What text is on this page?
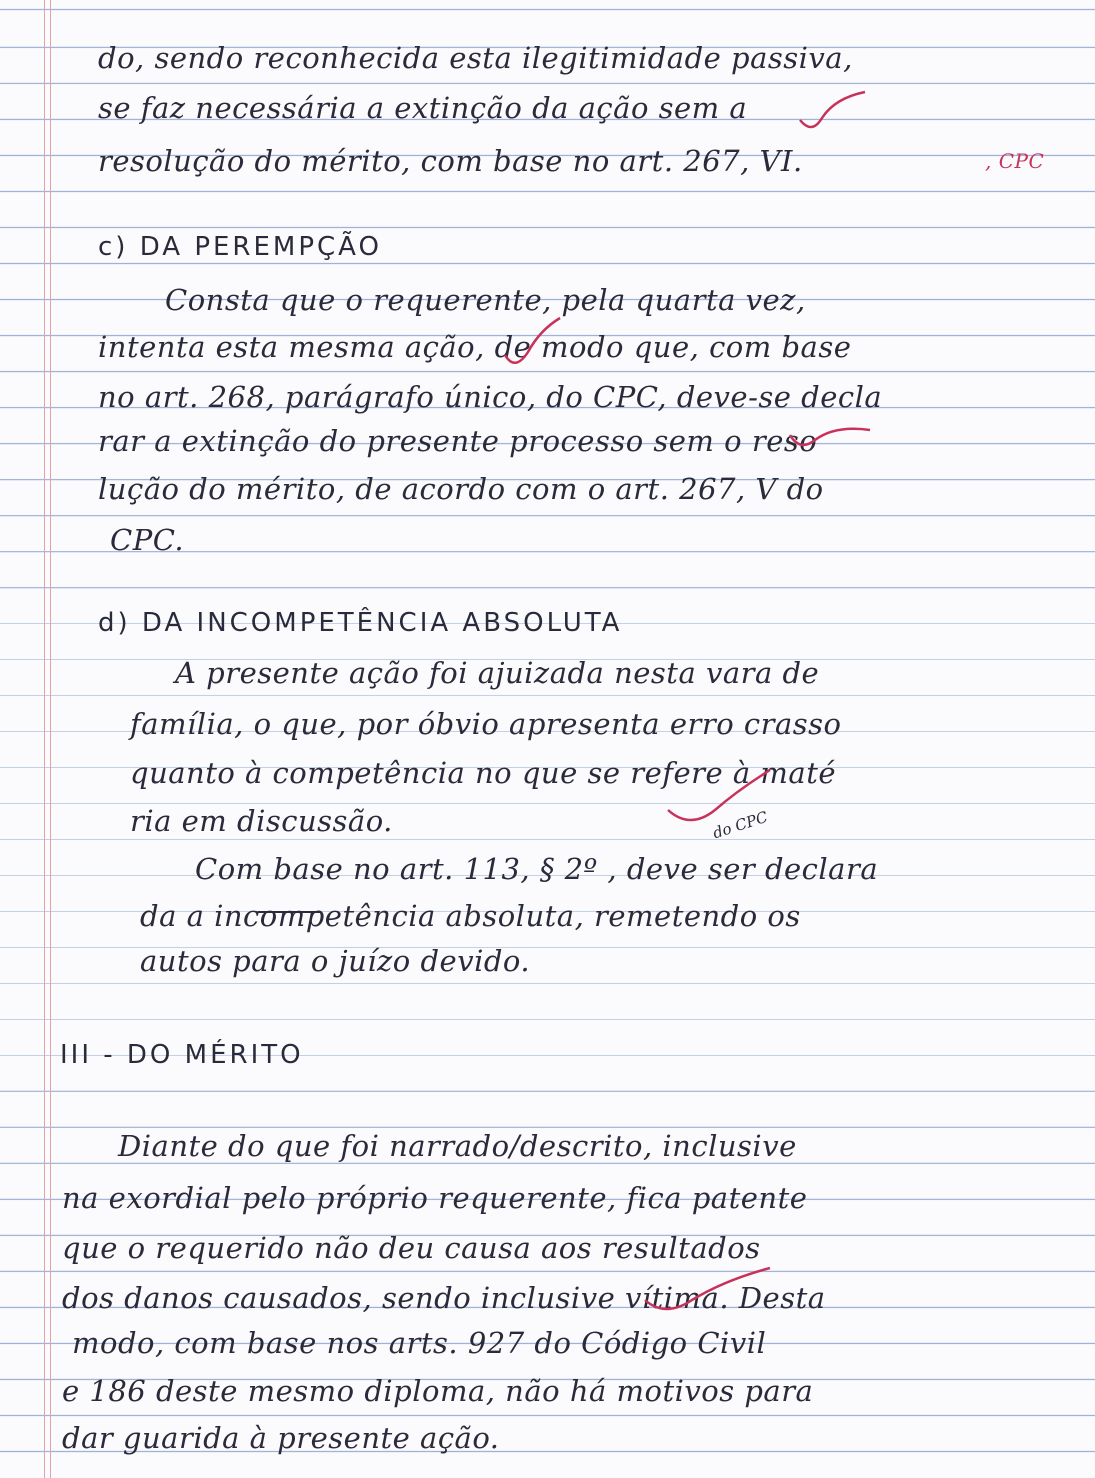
do, sendo reconhecida esta ilegitimidade passiva,
se faz necessária a extinção da ação sem a
resolução do mérito, com base no art. 267, VI.	, CPC
c) DA PEREMPÇÃO
Consta que o requerente, pela quarta vez,
intenta esta mesma ação, de modo que, com base
no art. 268, parágrafo único, do CPC, deve-se decla
rar a extinção do presente processo sem o reso
lução do mérito, de acordo com o art. 267, V do
CPC.
d) DA INCOMPETÊNCIA ABSOLUTA
A presente ação foi ajuizada nesta vara de
família, o que, por óbvio apresenta erro crasso
quanto à competência no que se refere à maté
ria em discussão.
Com base no art. 113, § 2º , deve ser declara
do CPC
da a incompetência absoluta, remetendo os
autos para o juízo devido.
III - DO MÉRITO
Diante do que foi narrado/descrito, inclusive
na exordial pelo próprio requerente, fica patente
que o requerido não deu causa aos resultados
dos danos causados, sendo inclusive vítima. Desta
modo, com base nos arts. 927 do Código Civil
e 186 deste mesmo diploma, não há motivos para
dar guarida à presente ação.
